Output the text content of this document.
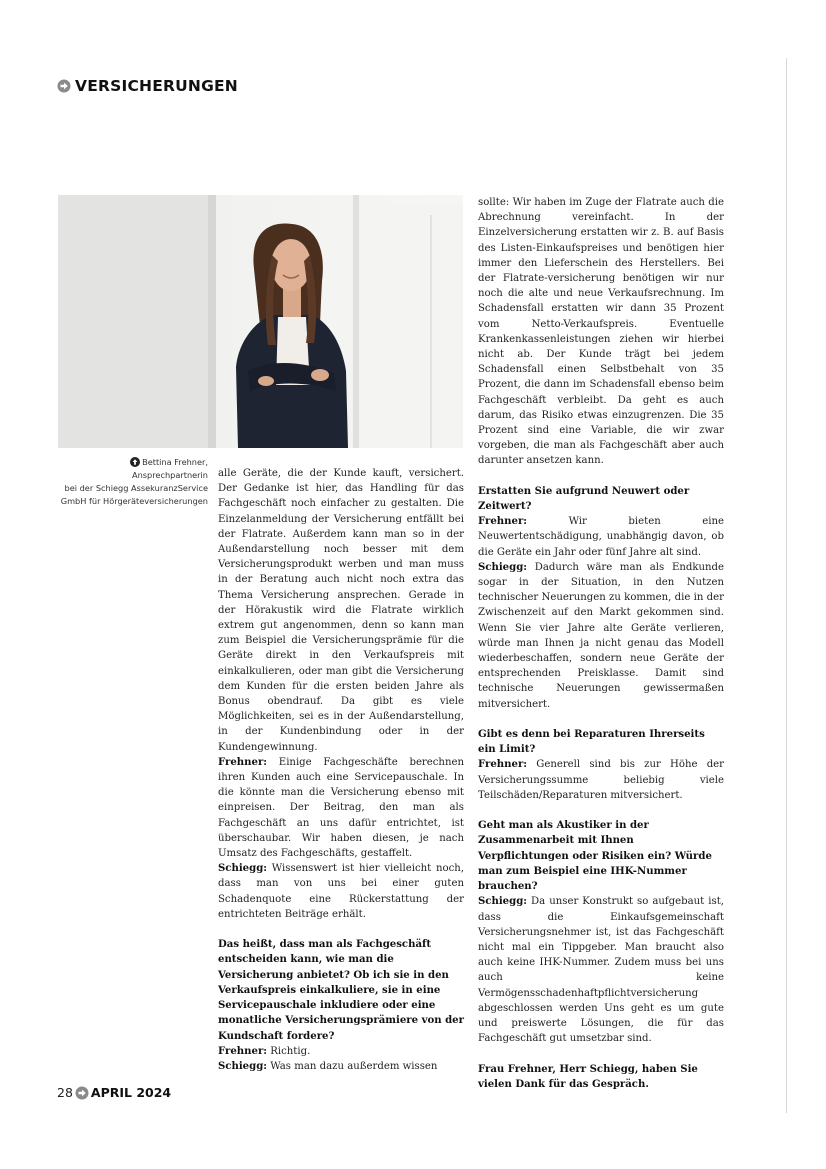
VERSICHERUNGEN
Bettina Frehner, Ansprechpartnerin
bei der Schiegg AssekuranzService
GmbH für Hörgeräteversicherungen

alle Geräte, die der Kunde kauft, versichert. Der Gedanke ist hier, das Handling für das Fachgeschäft noch einfacher zu gestalten. Die Einzelanmeldung der Versicherung entfällt bei der Flatrate. Außerdem kann man so in der Außendarstellung noch besser mit dem Versicherungsprodukt werben und man muss in der Beratung auch nicht noch extra das Thema Versicherung ansprechen. Gerade in der Hörakustik wird die Flatrate wirklich extrem gut angenommen, denn so kann man zum Beispiel die Versicherungsprämie für die Geräte direkt in den Verkaufspreis mit einkalkulieren, oder man gibt die Versicherung dem Kunden für die ersten beiden Jahre als Bonus obendrauf. Da gibt es viele Möglichkeiten, sei es in der Außendarstellung, in der Kundenbindung oder in der Kundengewinnung.

Frehner: Einige Fachgeschäfte berechnen ihren Kunden auch eine Servicepauschale. In die könnte man die Versicherung ebenso mit einpreisen. Der Beitrag, den man als Fachgeschäft an uns dafür entrichtet, ist überschaubar. Wir haben diesen, je nach Umsatz des Fachgeschäfts, gestaffelt.

Schiegg: Wissenswert ist hier vielleicht noch, dass man von uns bei einer guten Schadenquote eine Rückerstattung der entrichteten Beiträge erhält.

Das heißt, dass man als Fachgeschäft entscheiden kann, wie man die Versicherung anbietet? Ob ich sie in den Verkaufspreis einkalkuliere, sie in eine Servicepauschale inkludiere oder eine monatliche Versicherungsprämiere von der Kundschaft fordere?

Frehner: Richtig.

Schiegg: Was man dazu außerdem wissen

sollte: Wir haben im Zuge der Flatrate auch die Abrechnung vereinfacht. In der Einzelversicherung erstatten wir z. B. auf Basis des Listen-Einkaufspreises und benötigen hier immer den Lieferschein des Herstellers. Bei der Flatrate-versicherung benötigen wir nur noch die alte und neue Verkaufsrechnung. Im Schadensfall erstatten wir dann 35 Prozent vom Netto-Verkaufspreis. Eventuelle Krankenkassenleistungen ziehen wir hierbei nicht ab. Der Kunde trägt bei jedem Schadensfall einen Selbstbehalt von 35 Prozent, die dann im Schadensfall ebenso beim Fachgeschäft verbleibt. Da geht es auch darum, das Risiko etwas einzugrenzen. Die 35 Prozent sind eine Variable, die wir zwar vorgeben, die man als Fachgeschäft aber auch darunter ansetzen kann.

Erstatten Sie aufgrund Neuwert oder Zeitwert?

Frehner:	Wir bieten eine Neuwertentschädigung, unabhängig davon, ob die Geräte ein Jahr oder fünf Jahre alt sind.

Schiegg: Dadurch wäre man als Endkunde sogar in der Situation, in den Nutzen technischer Neuerungen zu kommen, die in der Zwischenzeit auf den Markt gekommen sind. Wenn Sie vier Jahre alte Geräte verlieren, würde man Ihnen ja nicht genau das Modell wiederbeschaffen, sondern neue Geräte der entsprechenden Preisklasse. Damit sind technische Neuerungen gewissermaßen mitversichert.

Gibt es denn bei Reparaturen Ihrerseits ein Limit?

Frehner: Generell sind bis zur Höhe der Versicherungssumme beliebig viele Teilschäden/Reparaturen mitversichert.

Geht man als Akustiker in der Zusammenarbeit mit Ihnen Verpflichtungen oder Risiken ein? Würde man zum Beispiel eine IHK-Nummer brauchen?

Schiegg: Da unser Konstrukt so aufgebaut ist, dass die Einkaufsgemeinschaft Versicherungsnehmer ist, ist das Fachgeschäft nicht mal ein Tippgeber. Man braucht also auch keine IHK-Nummer. Zudem muss bei uns auch keine Vermögensschadenhaftpflichtversicherung abgeschlossen werden Uns geht es um gute und preiswerte Lösungen, die für das Fachgeschäft gut umsetzbar sind.

Frau Frehner, Herr Schiegg, haben Sie vielen Dank für das Gespräch.

28 APRIL 2024
